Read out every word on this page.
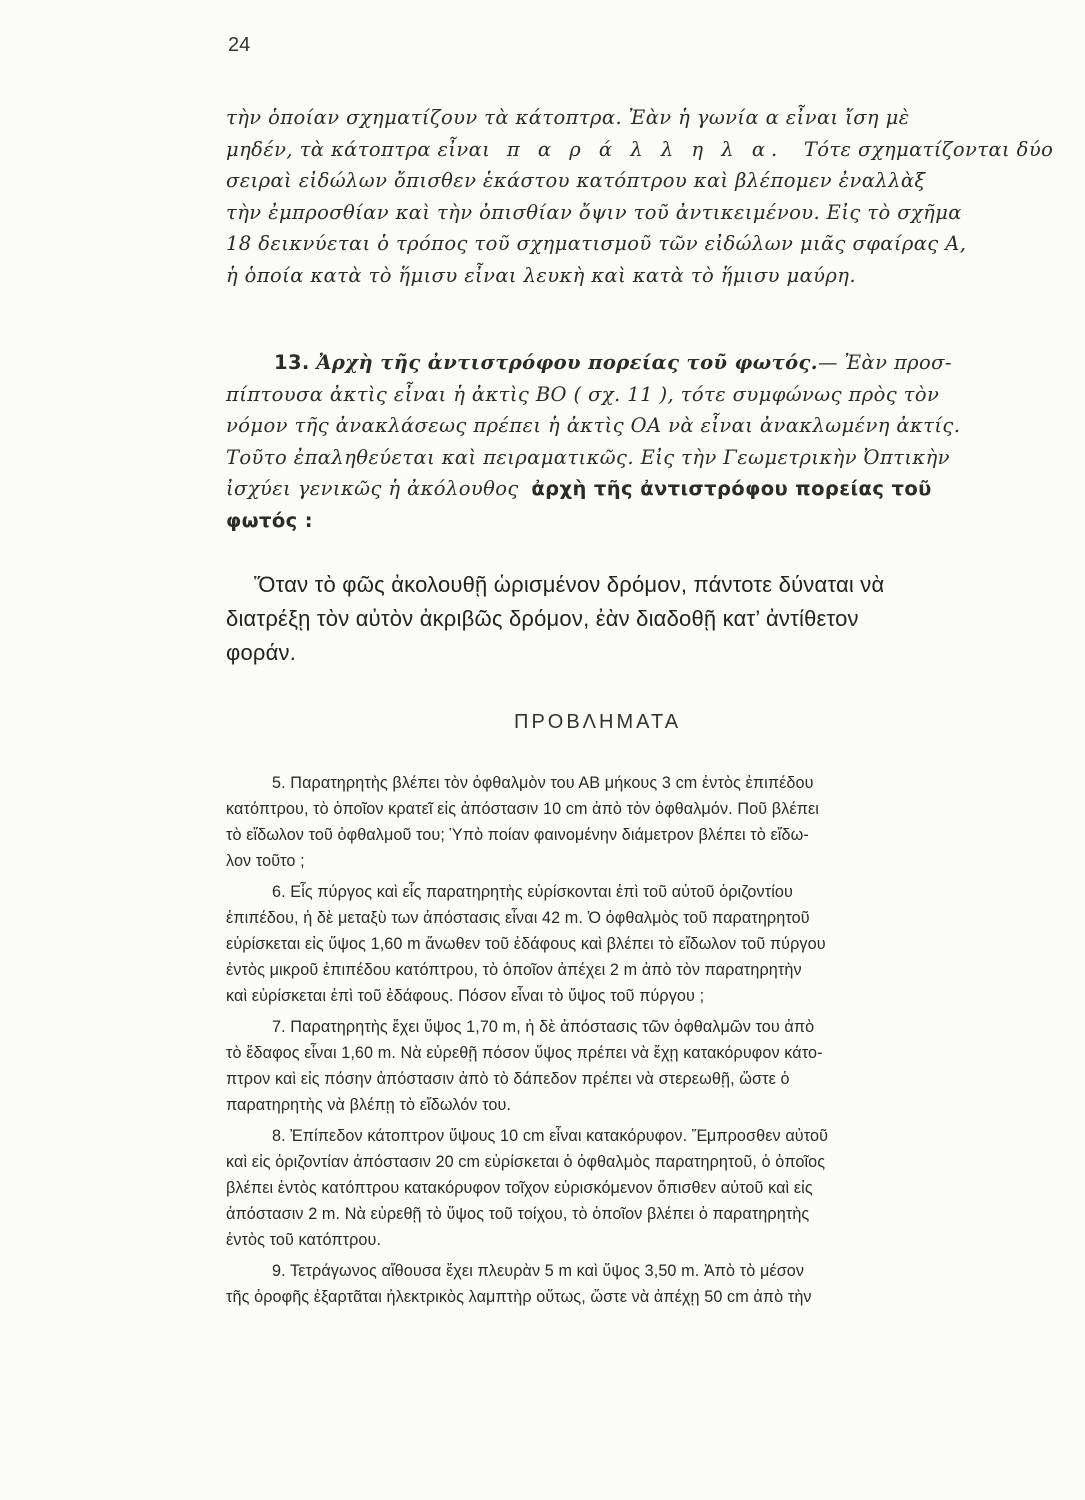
24
τὴν ὁποίαν σχηματίζουν τὰ κάτοπτρα. Ἐὰν ἡ γωνία α εἶναι ἴση μὲ
μηδέν, τὰ κάτοπτρα εἶναι π α ρ ά λ λ η λ α. Τότε σχηματίζονται δύο
σειραὶ εἰδώλων ὄπισθεν ἑκάστου κατόπτρου καὶ βλέπομεν ἐναλλὰξ
τὴν ἐμπροσθίαν καὶ τὴν ὀπισθίαν ὄψιν τοῦ ἀντικειμένου. Εἰς τὸ σχῆμα
18 δεικνύεται ὁ τρόπος τοῦ σχηματισμοῦ τῶν εἰδώλων μιᾶς σφαίρας Α,
ἡ ὁποία κατὰ τὸ ἥμισυ εἶναι λευκὴ καὶ κατὰ τὸ ἥμισυ μαύρη.
13. Ἀρχὴ τῆς ἀντιστρόφου πορείας τοῦ φωτός.— Ἐὰν προσ-
πίπτουσα ἀκτὶς εἶναι ἡ ἀκτὶς ΒΟ ( σχ. 11 ), τότε συμφώνως πρὸς τὸν
νόμον τῆς ἀνακλάσεως πρέπει ἡ ἀκτὶς ΟΑ νὰ εἶναι ἀνακλωμένη ἀκτίς.
Τοῦτο ἐπαληθεύεται καὶ πειραματικῶς. Εἰς τὴν Γεωμετρικὴν Ὀπτικὴν
ἰσχύει γενικῶς ἡ ἀκόλουθος ἀρχὴ τῆς ἀντιστρόφου πορείας τοῦ
φωτός :
Ὅταν τὸ φῶς ἀκολουθῇ ὡρισμένον δρόμον, πάντοτε δύναται νὰ
διατρέξῃ τὸν αὐτὸν ἀκριβῶς δρόμον, ἐὰν διαδοθῇ κατ’ ἀντίθετον
φοράν.
ΠΡΟΒΛΗΜΑΤΑ
5. Παρατηρητὴς βλέπει τὸν ὀφθαλμὸν του ΑΒ μήκους 3 cm ἐντὸς ἐπιπέδου
κατόπτρου, τὸ ὁποῖον κρατεῖ εἰς ἀπόστασιν 10 cm ἀπὸ τὸν ὀφθαλμόν. Ποῦ βλέπει
τὸ εἴδωλον τοῦ ὀφθαλμοῦ του; Ὑπὸ ποίαν φαινομένην διάμετρον βλέπει τὸ εἴδω-
λον τοῦτο ;
6. Εἷς πύργος καὶ εἷς παρατηρητὴς εὑρίσκονται ἐπὶ τοῦ αὐτοῦ ὁριζοντίου
ἐπιπέδου, ἡ δὲ μεταξὺ των ἀπόστασις εἶναι 42 m. Ὁ ὀφθαλμὸς τοῦ παρατηρητοῦ
εὑρίσκεται εἰς ὕψος 1,60 m ἄνωθεν τοῦ ἐδάφους καὶ βλέπει τὸ εἴδωλον τοῦ πύργου
ἐντὸς μικροῦ ἐπιπέδου κατόπτρου, τὸ ὁποῖον ἀπέχει 2 m ἀπὸ τὸν παρατηρητὴν
καὶ εὑρίσκεται ἐπὶ τοῦ ἐδάφους. Πόσον εἶναι τὸ ὕψος τοῦ πύργου ;
7. Παρατηρητὴς ἔχει ὕψος 1,70 m, ἡ δὲ ἀπόστασις τῶν ὀφθαλμῶν του ἀπὸ
τὸ ἔδαφος εἶναι 1,60 m. Νὰ εὑρεθῇ πόσον ὕψος πρέπει νὰ ἔχῃ κατακόρυφον κάτο-
πτρον καὶ εἰς πόσην ἀπόστασιν ἀπὸ τὸ δάπεδον πρέπει νὰ στερεωθῇ, ὥστε ὁ
παρατηρητὴς νὰ βλέπῃ τὸ εἴδωλόν του.
8. Ἐπίπεδον κάτοπτρον ὕψους 10 cm εἶναι κατακόρυφον. Ἔμπροσθεν αὐτοῦ
καὶ εἰς ὁριζοντίαν ἀπόστασιν 20 cm εὑρίσκεται ὁ ὀφθαλμὸς παρατηρητοῦ, ὁ ὁποῖος
βλέπει ἐντὸς κατόπτρου κατακόρυφον τοῖχον εὑρισκόμενον ὄπισθεν αὐτοῦ καὶ εἰς
ἀπόστασιν 2 m. Νὰ εὑρεθῇ τὸ ὕψος τοῦ τοίχου, τὸ ὁποῖον βλέπει ὁ παρατηρητὴς
ἐντὸς τοῦ κατόπτρου.
9. Τετράγωνος αἴθουσα ἔχει πλευρὰν 5 m καὶ ὕψος 3,50 m. Ἀπὸ τὸ μέσον
τῆς ὀροφῆς ἐξαρτᾶται ἠλεκτρικὸς λαμπτὴρ οὕτως, ὥστε νὰ ἀπέχῃ 50 cm ἀπὸ τὴν
